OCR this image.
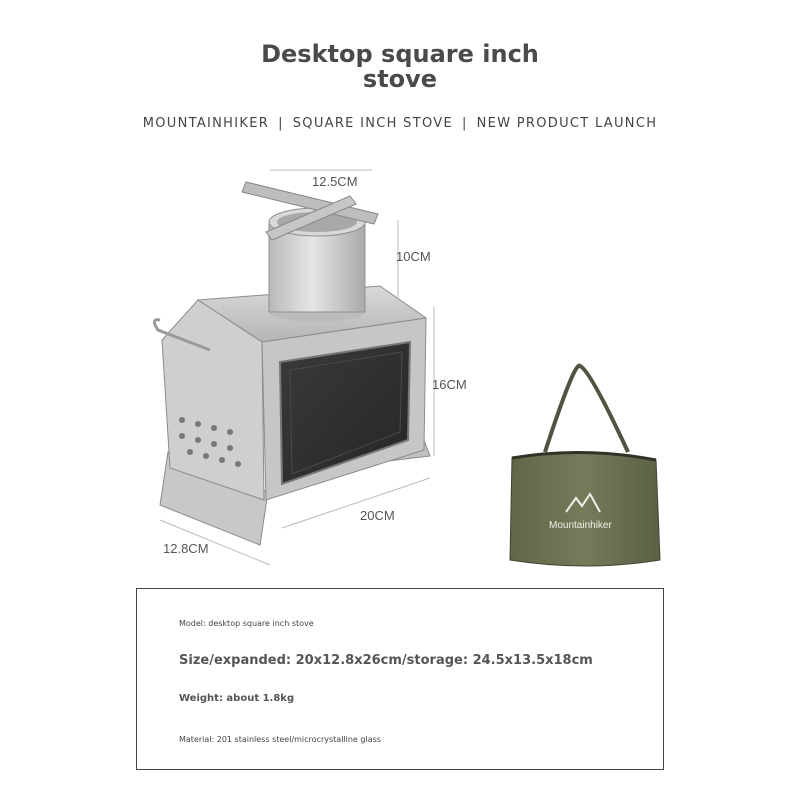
Desktop square inch
stove
MOUNTAINHIKER | SQUARE INCH STOVE | NEW PRODUCT LAUNCH
Mountainhiker
12.5CM
10CM
16CM
20CM
12.8CM
Model: desktop square inch stove
Size/expanded: 20x12.8x26cm/storage: 24.5x13.5x18cm
Weight: about 1.8kg
Material: 201 stainless steel/microcrystalline glass
